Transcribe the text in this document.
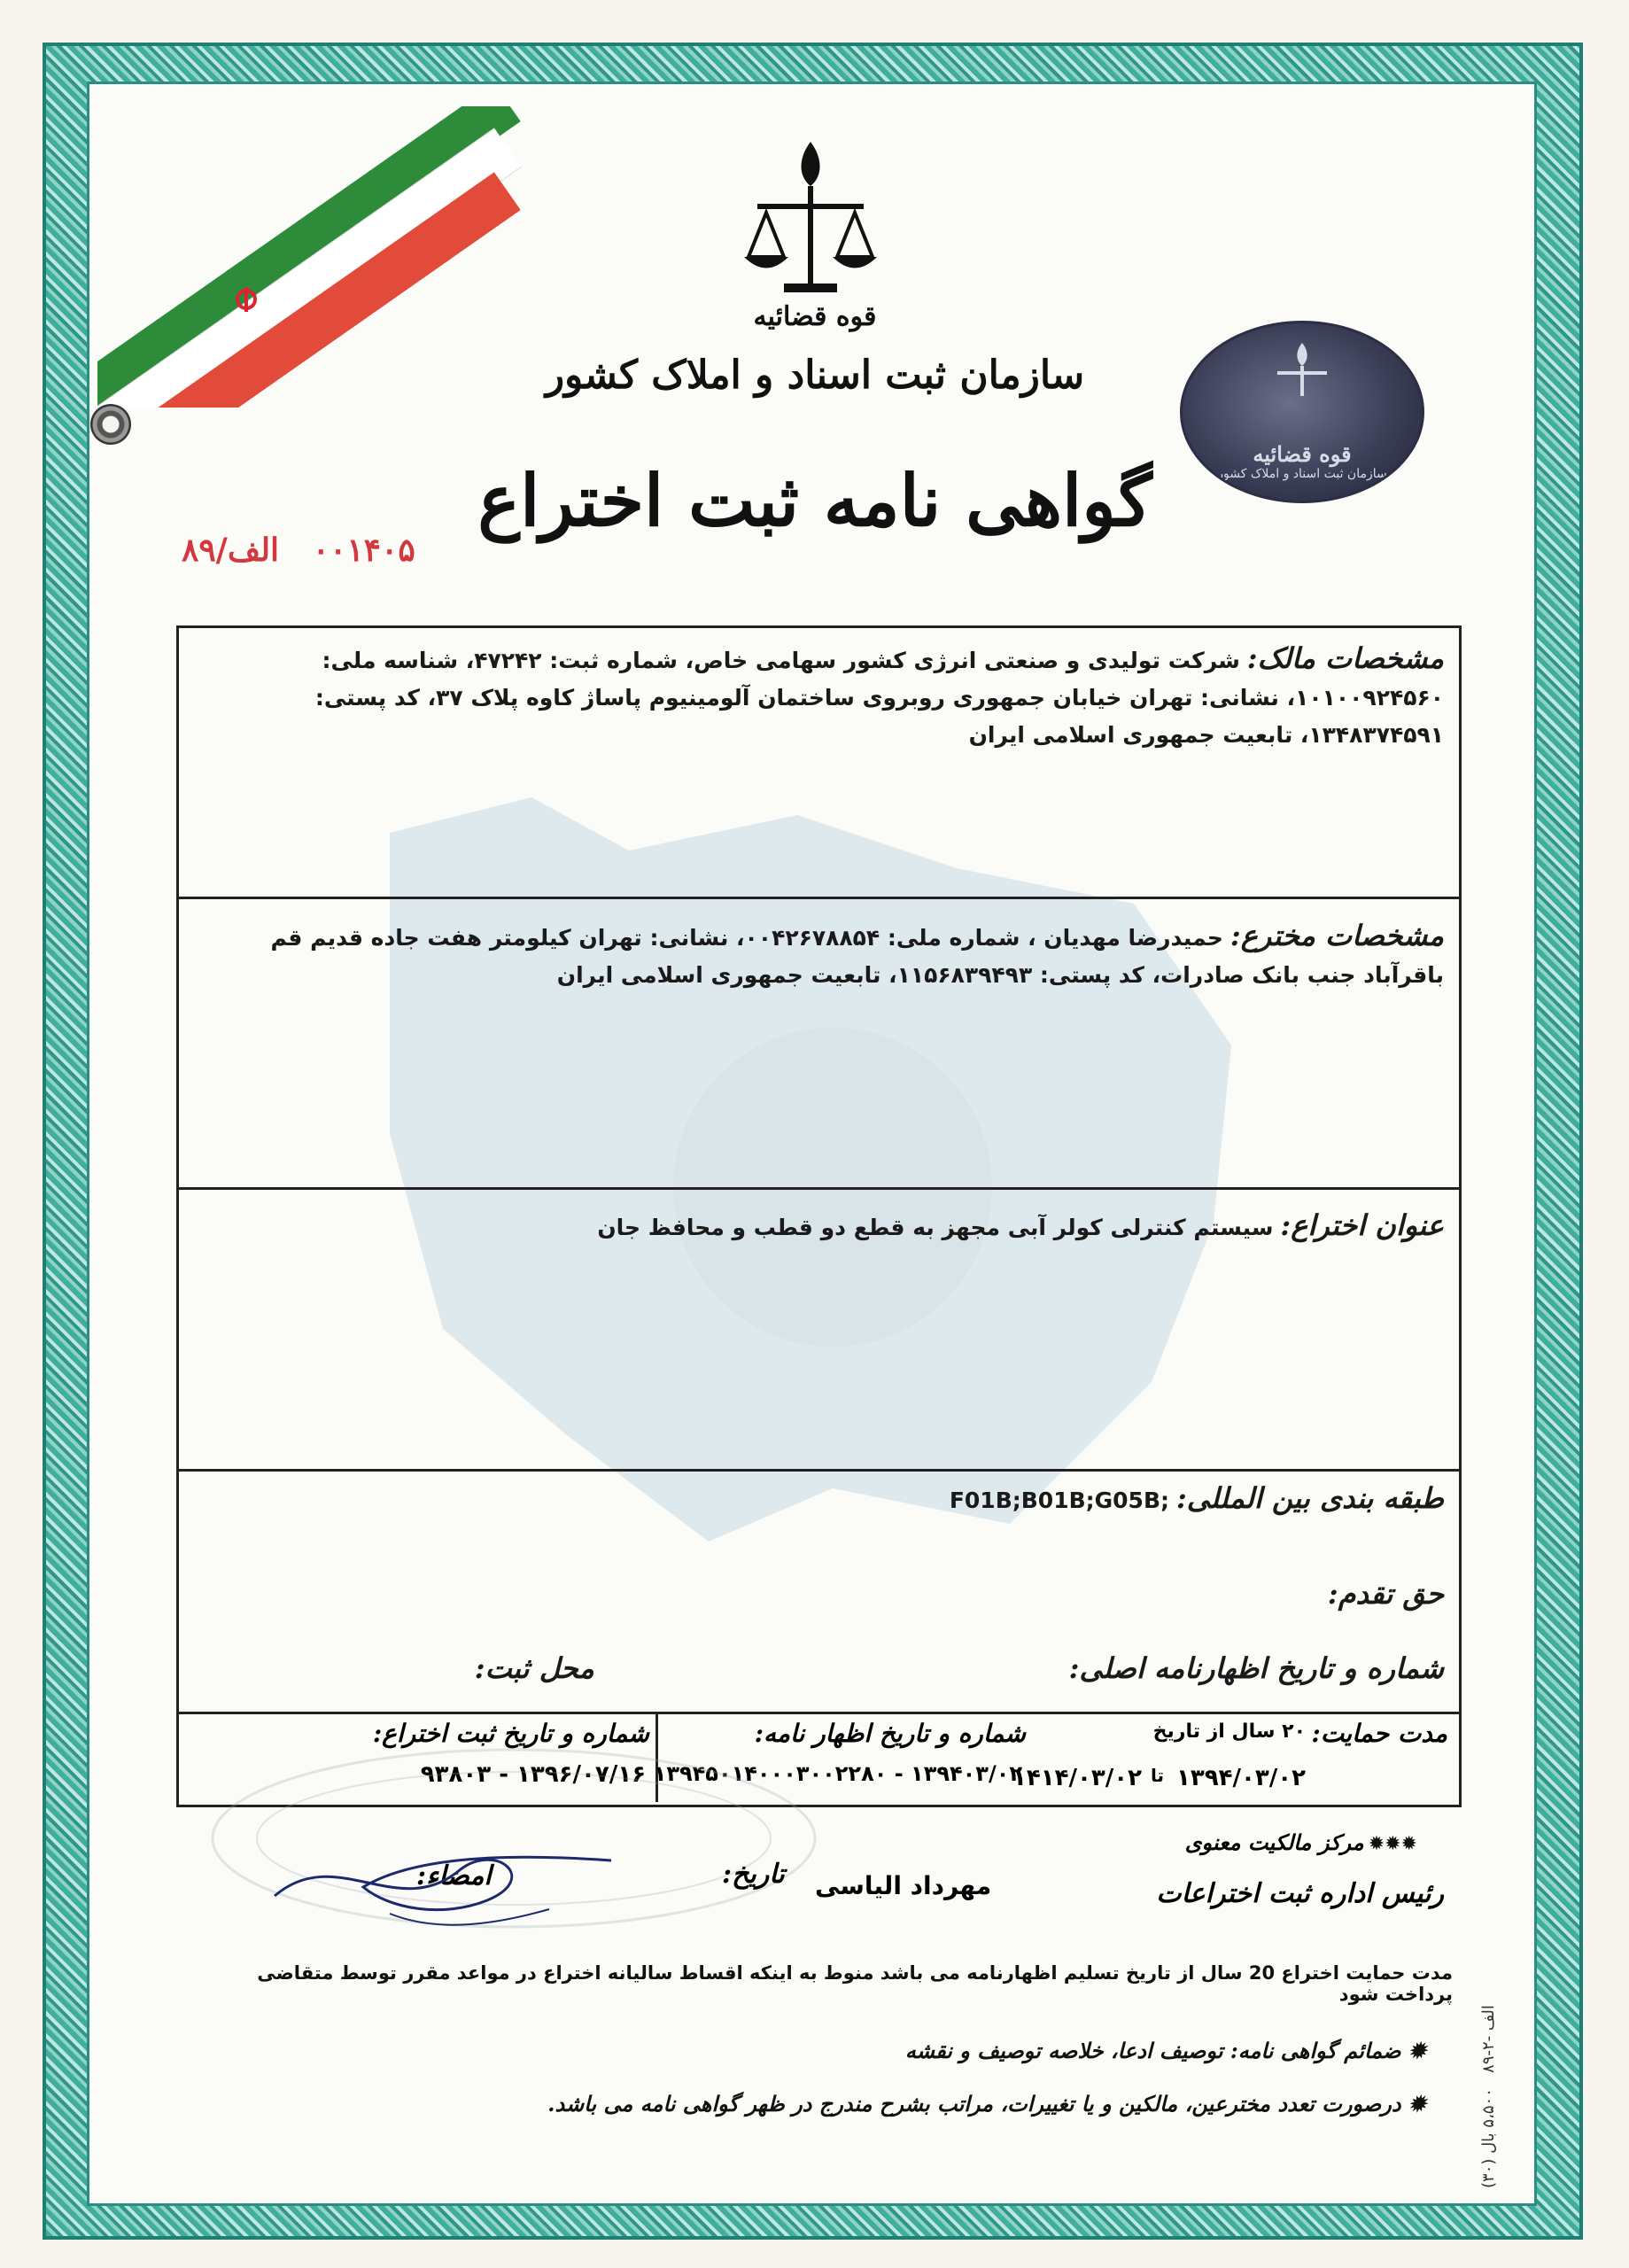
قوه قضائیه
سازمان ثبت اسناد و املاک کشور
گواهی نامه ثبت اختراع
۰۰۱۴۰۵   الف/۸۹
قوه قضائیه
سازمان ثبت اسناد و املاک کشور
مشخصات مالک: شرکت تولیدی و صنعتی انرژی کشور سهامی خاص، شماره ثبت: ۴۷۲۴۲، شناسه ملی: ۱۰۱۰۰۹۲۴۵۶۰، نشانی: تهران خیابان جمهوری روبروی ساختمان آلومینیوم پاساژ کاوه پلاک ۳۷، کد پستی: ۱۳۴۸۳۷۴۵۹۱، تابعیت جمهوری اسلامی ایران
مشخصات مخترع: حمیدرضا مهدیان ، شماره ملی: ۰۰۴۲۶۷۸۸۵۴، نشانی: تهران کیلومتر هفت جاده قدیم قم باقرآباد جنب بانک صادرات، کد پستی: ۱۱۵۶۸۳۹۴۹۳، تابعیت جمهوری اسلامی ایران
عنوان اختراع: سیستم کنترلی کولر آبی مجهز به قطع دو قطب و محافظ جان
طبقه بندی بین المللی: F01B;B01B;G05B;
حق تقدم:
شماره و تاریخ اظهارنامه اصلی:  محل ثبت:
مدت حمایت:
۲۰ سال از تاریخ
۱۳۹۴/۰۳/۰۲
تا
۱۴۱۴/۰۳/۰۲
شماره و تاریخ اظهار نامه:
۱۳۹۴۰۳/۰۲ - ۱۳۹۴۵۰۱۴۰۰۰۳۰۰۲۲۸۰
شماره و تاریخ ثبت اختراع:
۱۳۹۶/۰۷/۱۶ - ۹۳۸۰۳
✹✹✹ مرکز مالکیت معنوی
رئیس اداره ثبت اختراعات
مهرداد الیاسی
تاریخ:
امضاء:
مدت حمایت اختراع 20 سال از تاریخ تسلیم اظهارنامه می باشد منوط به اینکه اقساط سالیانه اختراع در مواعد مقرر توسط متقاضی پرداخت شود
✹ ضمائم گواهی نامه: توصیف ادعا، خلاصه توصیف و نقشه
✹ درصورت تعدد مخترعین، مالکین و یا تغییرات، مراتب بشرح مندرج در ظهر گواهی نامه می باشد.
(۳۰) الف -۲-۸۹   ۵،۵۰۰ بال
